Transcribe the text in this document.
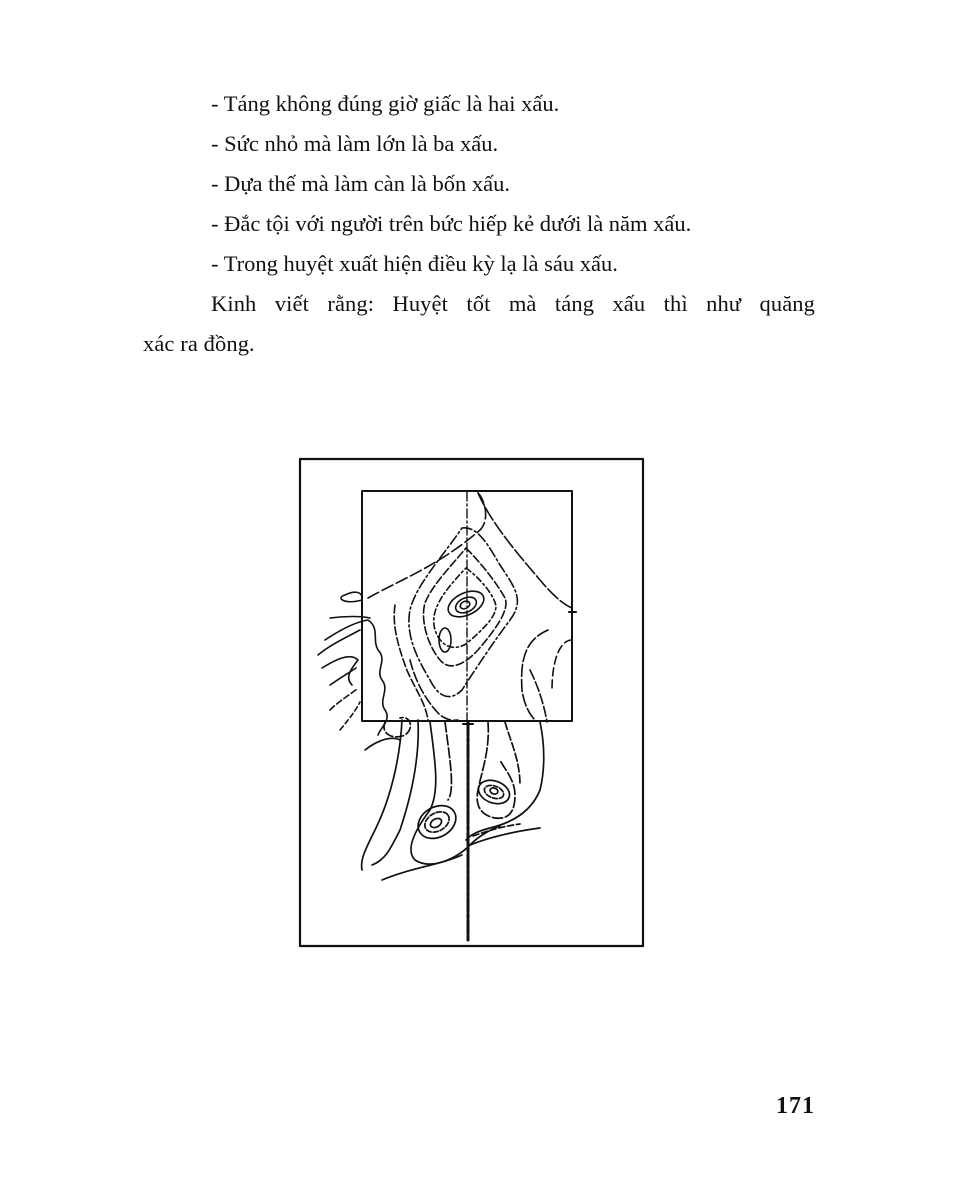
- Táng không đúng giờ giấc là hai xấu.
- Sức nhỏ mà làm lớn là ba xấu.
- Dựa thế mà làm càn là bốn xấu.
- Đắc tội với người trên bức hiếp kẻ dưới là năm xấu.
- Trong huyệt xuất hiện điều kỳ lạ là sáu xấu.
Kinh viết rằng: Huyệt tốt mà táng xấu thì như quăng
xác ra đồng.
171
